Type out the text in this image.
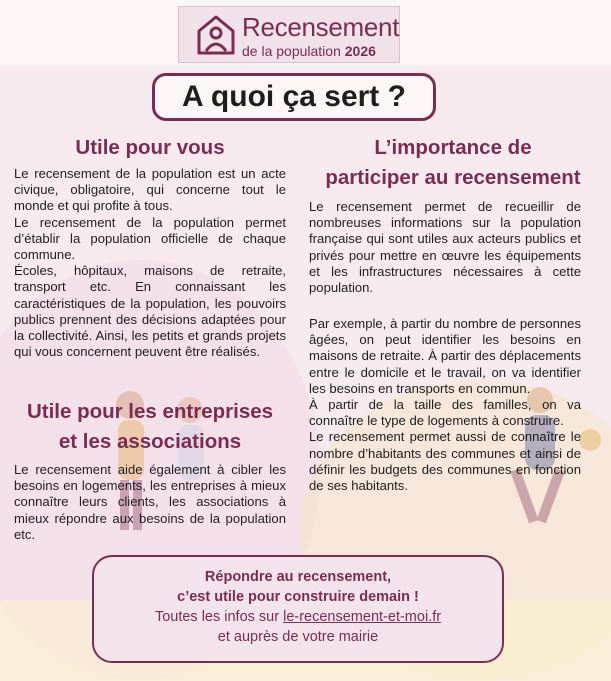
Recensement
de la population 2026
A quoi ça sert ?
Utile pour vous

Le recensement de la population est un acte civique, obligatoire, qui concerne tout le monde et qui profite à tous.

Le recensement de la population permet d’établir la population officielle de chaque commune.

Écoles, hôpitaux, maisons de retraite, transport etc. En connaissant les caractéristiques de la population, les pouvoirs publics prennent des décisions adaptées pour la collectivité. Ainsi, les petits et grands projets qui vous concernent peuvent être réalisés.

Utile pour les entreprises
et les associations
Le recensement aide également à cibler les besoins en logements, les entreprises à mieux connaître leurs clients, les associations à mieux répondre aux besoins de la population etc.
L’importance de
participer au recensement
Le recensement permet de recueillir de nombreuses informations sur la population française qui sont utiles aux acteurs publics et privés pour mettre en œuvre les équipements et les infrastructures nécessaires à cette population.

Par exemple, à partir du nombre de personnes âgées, on peut identifier les besoins en maisons de retraite. À partir des déplacements entre le domicile et le travail, on va identifier les besoins en transports en commun.

À partir de la taille des familles, on va connaître le type de logements à construire.

Le recensement permet aussi de connaître le nombre d’habitants des communes et ainsi de définir les budgets des communes en fonction de ses habitants.

Répondre au recensement,
c’est utile pour construire demain !
Toutes les infos sur le-recensement-et-moi.fr
et auprès de votre mairie
